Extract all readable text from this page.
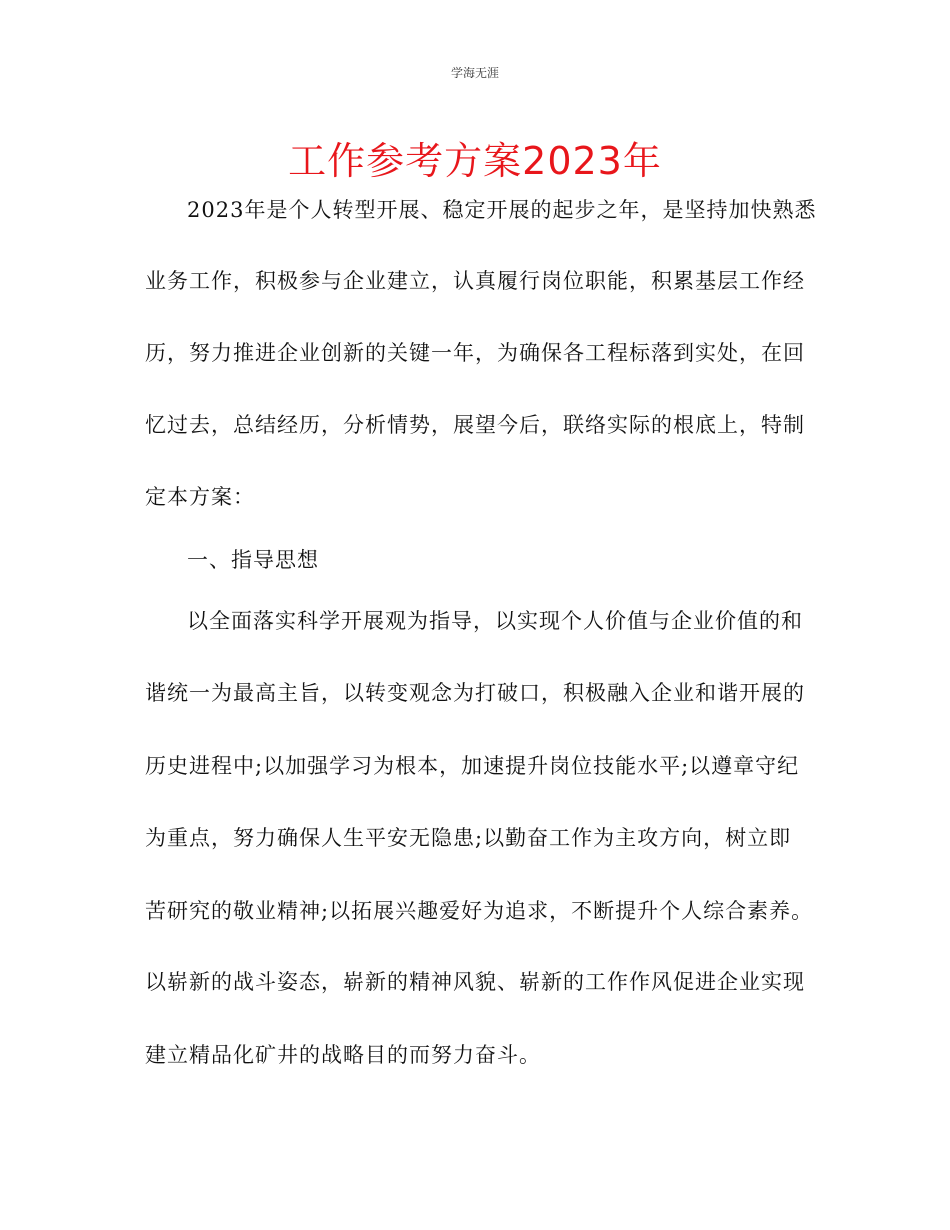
学海无涯
工作参考方案2023年
2023年是个人转型开展、稳定开展的起步之年，是坚持加快熟悉
业务工作，积极参与企业建立，认真履行岗位职能，积累基层工作经
历，努力推进企业创新的关键一年，为确保各工程标落到实处，在回
忆过去，总结经历，分析情势，展望今后，联络实际的根底上，特制
定本方案：
一、指导思想
以全面落实科学开展观为指导，以实现个人价值与企业价值的和
谐统一为最高主旨，以转变观念为打破口，积极融入企业和谐开展的
历史进程中;以加强学习为根本，加速提升岗位技能水平;以遵章守纪
为重点，努力确保人生平安无隐患;以勤奋工作为主攻方向，树立即
苦研究的敬业精神;以拓展兴趣爱好为追求，不断提升个人综合素养。
以崭新的战斗姿态，崭新的精神风貌、崭新的工作作风促进企业实现
建立精品化矿井的战略目的而努力奋斗。
